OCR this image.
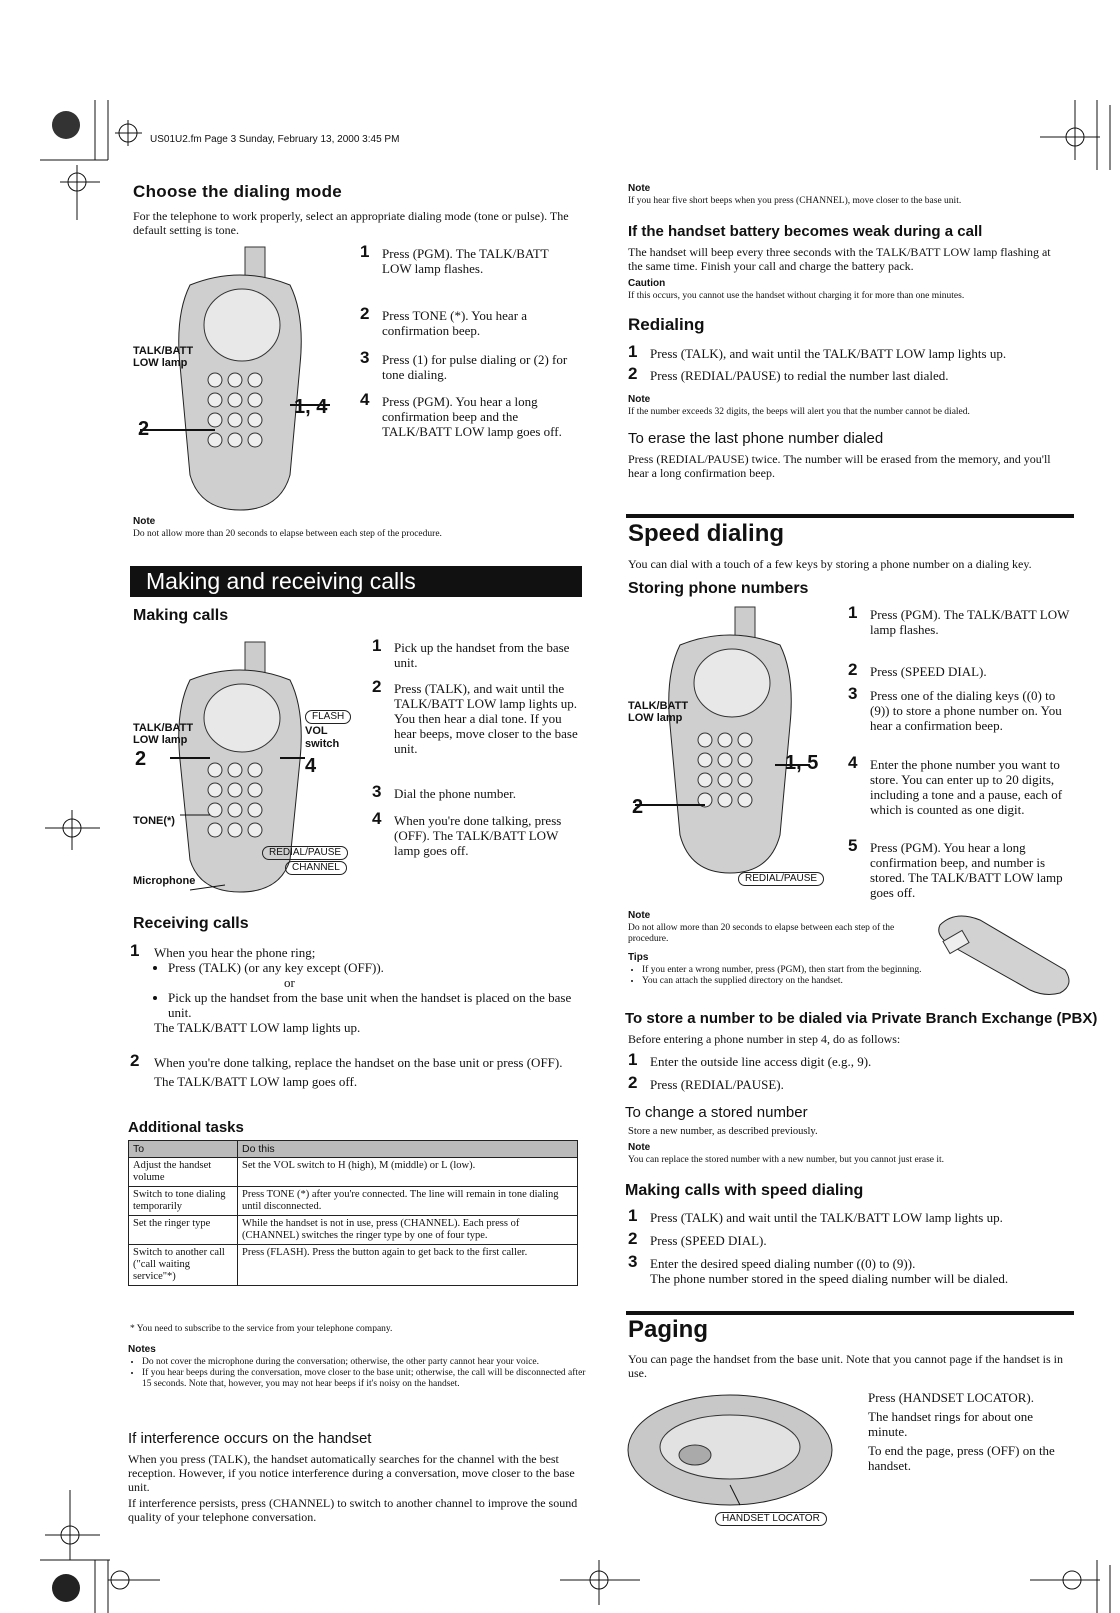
US01U2.fm Page 3 Sunday, February 13, 2000 3:45 PM
Choose the dialing mode
For the telephone to work properly, select an appropriate dialing mode (tone or pulse). The default setting is tone.
TALK/BATT LOW lamp
1, 4
2
1 Press (PGM). The TALK/BATT LOW lamp flashes.
2 Press TONE (*). You hear a confirmation beep.
3 Press (1) for pulse dialing or (2) for tone dialing.
4 Press (PGM). You hear a long confirmation beep and the TALK/BATT LOW lamp goes off.
Note
Do not allow more than 20 seconds to elapse between each step of the procedure.
Making and receiving calls
Making calls
TALK/BATT LOW lamp
FLASH
VOL switch
2	4
TONE(*)
REDIAL/PAUSE
CHANNEL
Microphone
1 Pick up the handset from the base unit.
2 Press (TALK), and wait until the TALK/BATT LOW lamp lights up. You then hear a dial tone. If you hear beeps, move closer to the base unit.
3 Dial the phone number.
4 When you're done talking, press (OFF). The TALK/BATT LOW lamp goes off.
Receiving calls
1 When you hear the phone ring;
• Press (TALK) (or any key except (OFF)).
or
• Pick up the handset from the base unit when the handset is placed on the base unit.
The TALK/BATT LOW lamp lights up.
2 When you're done talking, replace the handset on the base unit or press (OFF).
The TALK/BATT LOW lamp goes off.
Additional tasks
To	Do this
Adjust the handset volume	Set the VOL switch to H (high), M (middle) or L (low).
Switch to tone dialing temporarily	Press TONE (*) after you're connected. The line will remain in tone dialing until disconnected.
Set the ringer type	While the handset is not in use, press (CHANNEL). Each press of (CHANNEL) switches the ringer type by one of four type.
Switch to another call ("call waiting service"*)	Press (FLASH). Press the button again to get back to the first caller.
* You need to subscribe to the service from your telephone company.
Notes
• Do not cover the microphone during the conversation; otherwise, the other party cannot hear your voice.
• If you hear beeps during the conversation, move closer to the base unit; otherwise, the call will be disconnected after 15 seconds. Note that, however, you may not hear beeps if it's noisy on the handset.
If interference occurs on the handset
When you press (TALK), the handset automatically searches for the channel with the best reception. However, if you notice interference during a conversation, move closer to the base unit.
If interference persists, press (CHANNEL) to switch to another channel to improve the sound quality of your telephone conversation.
Note
If you hear five short beeps when you press (CHANNEL), move closer to the base unit.
If the handset battery becomes weak during a call
The handset will beep every three seconds with the TALK/BATT LOW lamp flashing at the same time. Finish your call and charge the battery pack.
Caution
If this occurs, you cannot use the handset without charging it for more than one minutes.
Redialing
1 Press (TALK), and wait until the TALK/BATT LOW lamp lights up.
2 Press (REDIAL/PAUSE) to redial the number last dialed.
Note
If the number exceeds 32 digits, the beeps will alert you that the number cannot be dialed.
To erase the last phone number dialed
Press (REDIAL/PAUSE) twice. The number will be erased from the memory, and you'll hear a long confirmation beep.
Speed dialing
You can dial with a touch of a few keys by storing a phone number on a dialing key.
Storing phone numbers
TALK/BATT LOW lamp
1, 5
2
REDIAL/PAUSE
1 Press (PGM). The TALK/BATT LOW lamp flashes.
2 Press (SPEED DIAL).
3 Press one of the dialing keys ((0) to (9)) to store a phone number on. You hear a confirmation beep.
4 Enter the phone number you want to store. You can enter up to 20 digits, including a tone and a pause, each of which is counted as one digit.
5 Press (PGM). You hear a long confirmation beep, and number is stored. The TALK/BATT LOW lamp goes off.
Note
Do not allow more than 20 seconds to elapse between each step of the procedure.
Tips
• If you enter a wrong number, press (PGM), then start from the beginning.
• You can attach the supplied directory on the handset.
To store a number to be dialed via Private Branch Exchange (PBX)
Before entering a phone number in step 4, do as follows:
1 Enter the outside line access digit (e.g., 9).
2 Press (REDIAL/PAUSE).
To change a stored number
Store a new number, as described previously.
Note
You can replace the stored number with a new number, but you cannot just erase it.
Making calls with speed dialing
1 Press (TALK) and wait until the TALK/BATT LOW lamp lights up.
2 Press (SPEED DIAL).
3 Enter the desired speed dialing number ((0) to (9)).
The phone number stored in the speed dialing number will be dialed.
Paging
You can page the handset from the base unit. Note that you cannot page if the handset is in use.
HANDSET LOCATOR
Press (HANDSET LOCATOR).
The handset rings for about one minute.
To end the page, press (OFF) on the handset.
